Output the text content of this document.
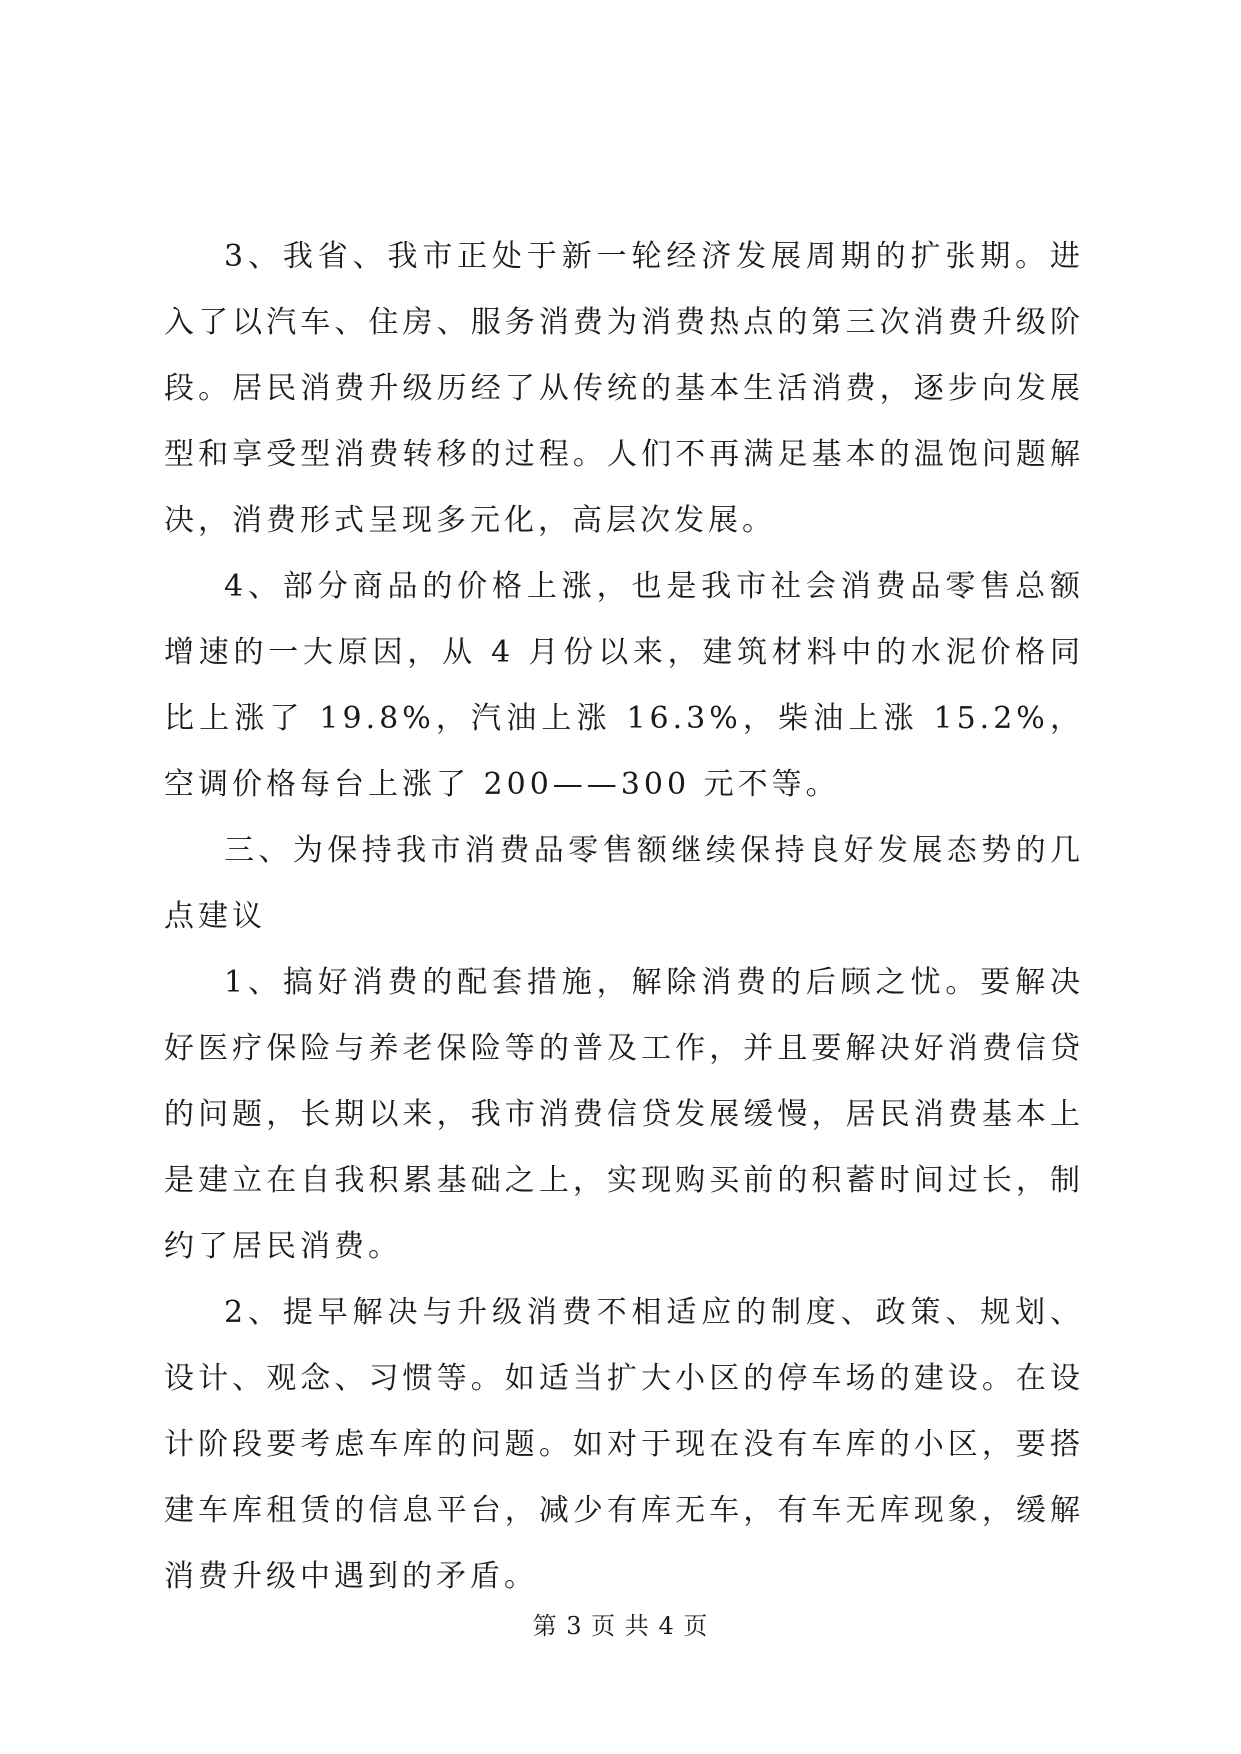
3、我省、我市正处于新一轮经济发展周期的扩张期。进入了以汽车、住房、服务消费为消费热点的第三次消费升级阶段。居民消费升级历经了从传统的基本生活消费，逐步向发展型和享受型消费转移的过程。人们不再满足基本的温饱问题解决，消费形式呈现多元化，高层次发展。

4、部分商品的价格上涨，也是我市社会消费品零售总额增速的一大原因，从 4 月份以来，建筑材料中的水泥价格同比上涨了 19.8%，汽油上涨 16.3%，柴油上涨 15.2%，空调价格每台上涨了 200——300 元不等。

三、为保持我市消费品零售额继续保持良好发展态势的几点建议

1、搞好消费的配套措施，解除消费的后顾之忧。要解决好医疗保险与养老保险等的普及工作，并且要解决好消费信贷的问题，长期以来，我市消费信贷发展缓慢，居民消费基本上是建立在自我积累基础之上，实现购买前的积蓄时间过长，制约了居民消费。

2、提早解决与升级消费不相适应的制度、政策、规划、设计、观念、习惯等。如适当扩大小区的停车场的建设。在设计阶段要考虑车库的问题。如对于现在没有车库的小区，要搭建车库租赁的信息平台，减少有库无车，有车无库现象，缓解消费升级中遇到的矛盾。

第 3 页 共 4 页
